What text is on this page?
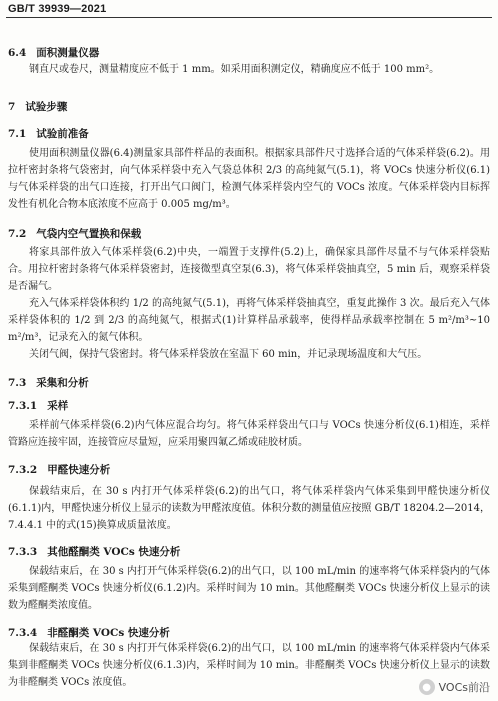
GB/T 39939—2021
6.4 面积测量仪器
钢直尺或卷尺，测量精度应不低于 1 mm。如采用面积测定仪，精确度应不低于 100 mm²。
7 试验步骤
7.1 试验前准备
使用面积测量仪器(6.4)测量家具部件样品的表面积。根据家具部件尺寸选择合适的气体采样袋(6.2)。用拉杆密封条将气袋密封，向气体采样袋中充入气袋总体积 2/3 的高纯氮气(5.1)，将 VOCs 快速分析仪(6.1)与气体采样袋的出气口连接，打开出气口阀门，检测气体采样袋内空气的 VOCs 浓度。气体采样袋内目标挥发性有机化合物本底浓度不应高于 0.005 mg/m³。
7.2 气袋内空气置换和保载
将家具部件放入气体采样袋(6.2)中央，一端置于支撑件(5.2)上，确保家具部件尽量不与气体采样袋贴合。用拉杆密封条将气体采样袋密封，连接微型真空泵(6.3)，将气体采样袋抽真空，5 min 后，观察采样袋是否漏气。
充入气体采样袋体积约 1/2 的高纯氮气(5.1)，再将气体采样袋抽真空，重复此操作 3 次。最后充入气体采样袋体积的 1/2 到 2/3 的高纯氮气，根据式(1)计算样品承载率，使得样品承载率控制在 5 m²/m³~10 m²/m³，记录充入的氮气体积。
关闭气阀，保持气袋密封。将气体采样袋放在室温下 60 min，并记录现场温度和大气压。
7.3 采集和分析
7.3.1 采样
采样前气体采样袋(6.2)内气体应混合均匀。将气体采样袋出气口与 VOCs 快速分析仪(6.1)相连，采样管路应连接牢固，连接管应尽量短，应采用聚四氟乙烯或硅胶材质。
7.3.2 甲醛快速分析
保载结束后，在 30 s 内打开气体采样袋(6.2)的出气口，将气体采样袋内气体采集到甲醛快速分析仪(6.1.1)内，甲醛快速分析仪上显示的读数为甲醛浓度值。体积分数的测量值应按照 GB/T 18204.2—2014，7.4.4.1 中的式(15)换算成质量浓度。
7.3.3 其他醛酮类 VOCs 快速分析
保载结束后，在 30 s 内打开气体采样袋(6.2)的出气口，以 100 mL/min 的速率将气体采样袋内的气体采集到醛酮类 VOCs 快速分析仪(6.1.2)内。采样时间为 10 min。其他醛酮类 VOCs 快速分析仪上显示的读数为醛酮类浓度值。
7.3.4 非醛酮类 VOCs 快速分析
保载结束后，在 30 s 内打开气体采样袋(6.2)的出气口，以 100 mL/min 的速率将气体采样袋内气体采集到非醛酮类 VOCs 快速分析仪(6.1.3)内，采样时间为 10 min。非醛酮类 VOCs 快速分析仪上显示的读数为非醛酮类 VOCs 浓度值。	● VOCs前沿
